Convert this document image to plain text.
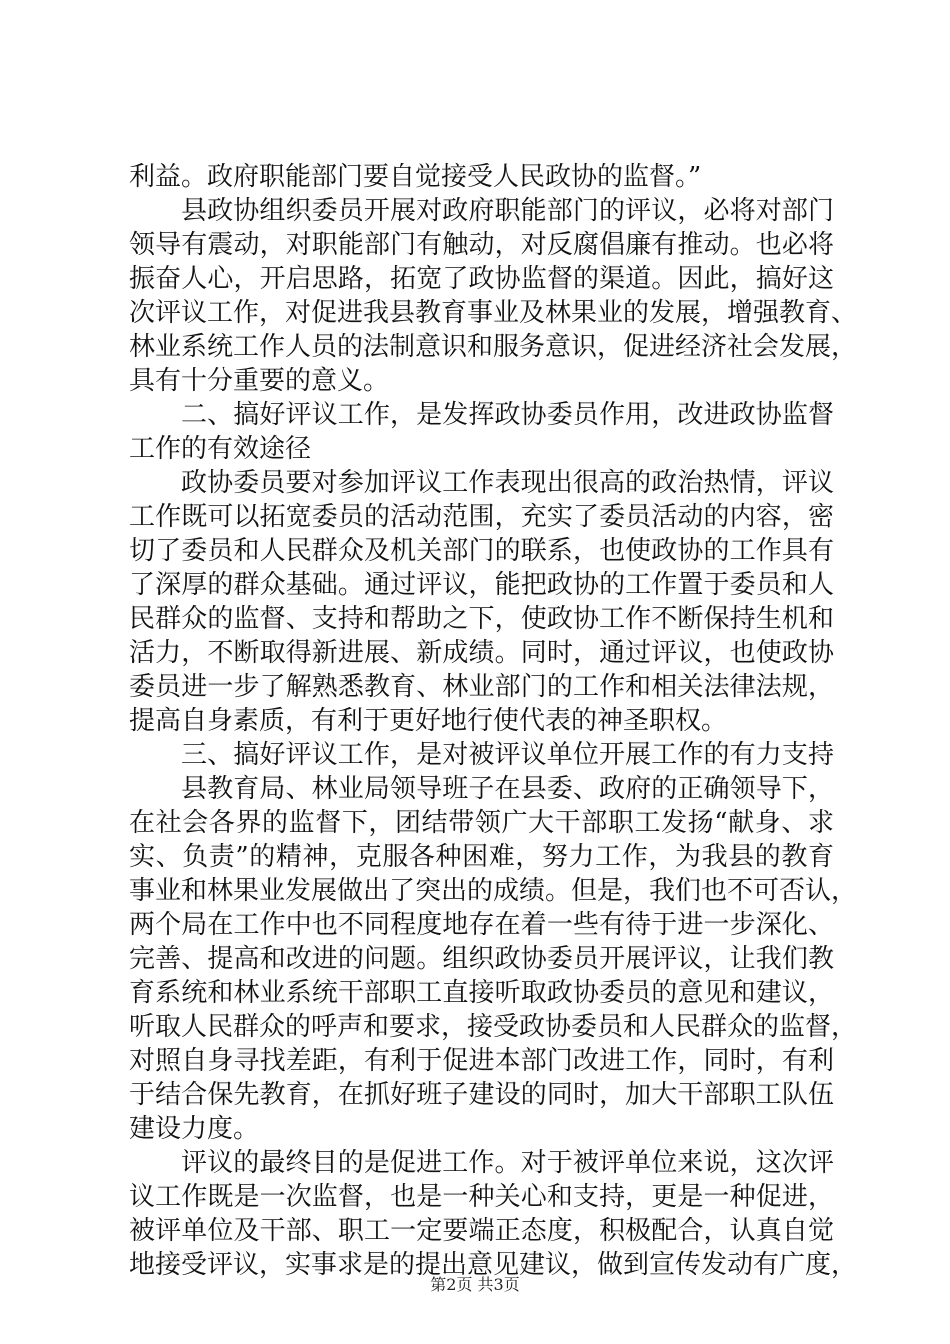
利益。政府职能部门要自觉接受人民政协的监督。”
县政协组织委员开展对政府职能部门的评议，必将对部门
领导有震动，对职能部门有触动，对反腐倡廉有推动。也必将
振奋人心，开启思路，拓宽了政协监督的渠道。因此，搞好这
次评议工作，对促进我县教育事业及林果业的发展，增强教育、
林业系统工作人员的法制意识和服务意识，促进经济社会发展，
具有十分重要的意义。
二、搞好评议工作，是发挥政协委员作用，改进政协监督
工作的有效途径
政协委员要对参加评议工作表现出很高的政治热情，评议
工作既可以拓宽委员的活动范围，充实了委员活动的内容，密
切了委员和人民群众及机关部门的联系，也使政协的工作具有
了深厚的群众基础。通过评议，能把政协的工作置于委员和人
民群众的监督、支持和帮助之下，使政协工作不断保持生机和
活力，不断取得新进展、新成绩。同时，通过评议，也使政协
委员进一步了解熟悉教育、林业部门的工作和相关法律法规，
提高自身素质，有利于更好地行使代表的神圣职权。
三、搞好评议工作，是对被评议单位开展工作的有力支持
县教育局、林业局领导班子在县委、政府的正确领导下，
在社会各界的监督下，团结带领广大干部职工发扬“献身、求
实、负责”的精神，克服各种困难，努力工作，为我县的教育
事业和林果业发展做出了突出的成绩。但是，我们也不可否认，
两个局在工作中也不同程度地存在着一些有待于进一步深化、
完善、提高和改进的问题。组织政协委员开展评议，让我们教
育系统和林业系统干部职工直接听取政协委员的意见和建议，
听取人民群众的呼声和要求，接受政协委员和人民群众的监督，
对照自身寻找差距，有利于促进本部门改进工作，同时，有利
于结合保先教育，在抓好班子建设的同时，加大干部职工队伍
建设力度。
评议的最终目的是促进工作。对于被评单位来说，这次评
议工作既是一次监督，也是一种关心和支持，更是一种促进，
被评单位及干部、职工一定要端正态度，积极配合，认真自觉
地接受评议，实事求是的提出意见建议，做到宣传发动有广度，
第2页 共3页
